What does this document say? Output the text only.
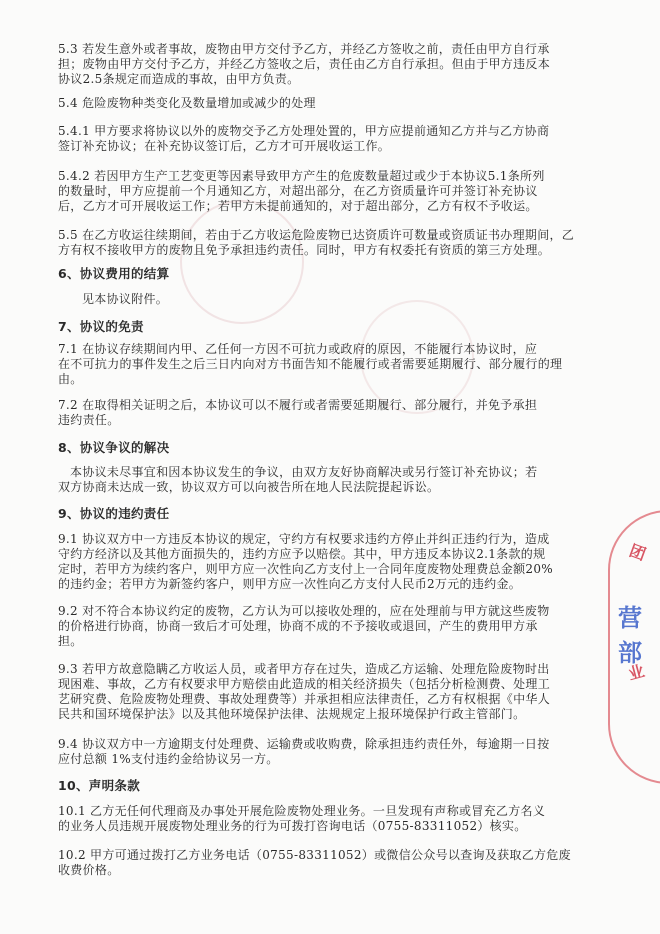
5.3 若发生意外或者事故，废物由甲方交付予乙方，并经乙方签收之前，责任由甲方自行承
担；废物由甲方交付予乙方，并经乙方签收之后，责任由乙方自行承担。但由于甲方违反本
协议2.5条规定而造成的事故，由甲方负责。

5.4 危险废物种类变化及数量增加或减少的处理

5.4.1 甲方要求将协议以外的废物交予乙方处理处置的，甲方应提前通知乙方并与乙方协商
签订补充协议；在补充协议签订后，乙方才可开展收运工作。

5.4.2 若因甲方生产工艺变更等因素导致甲方产生的危废数量超过或少于本协议5.1条所列
的数量时，甲方应提前一个月通知乙方，对超出部分，在乙方资质量许可并签订补充协议
后，乙方才可开展收运工作；若甲方未提前通知的，对于超出部分，乙方有权不予收运。

5.5 在乙方收运往续期间，若由于乙方收运危险废物已达资质许可数量或资质证书办理期间，乙
方有权不接收甲方的废物且免予承担违约责任。同时，甲方有权委托有资质的第三方处理。

6、协议费用的结算

见本协议附件。

7、协议的免责

7.1 在协议存续期间内甲、乙任何一方因不可抗力或政府的原因，不能履行本协议时，应
在不可抗力的事件发生之后三日内向对方书面告知不能履行或者需要延期履行、部分履行的理
由。

7.2 在取得相关证明之后，本协议可以不履行或者需要延期履行、部分履行，并免予承担
违约责任。

8、协议争议的解决

本协议未尽事宜和因本协议发生的争议，由双方友好协商解决或另行签订补充协议；若
双方协商未达成一致，协议双方可以向被告所在地人民法院提起诉讼。

9、协议的违约责任

9.1 协议双方中一方违反本协议的规定，守约方有权要求违约方停止并纠正违约行为，造成
守约方经济以及其他方面损失的，违约方应予以赔偿。其中，甲方违反本协议2.1条款的规
定时，若甲方为续约客户，则甲方应一次性向乙方支付上一合同年度废物处理费总金额20%
的违约金；若甲方为新签约客户，则甲方应一次性向乙方支付人民币2万元的违约金。

9.2 对不符合本协议约定的废物，乙方认为可以接收处理的，应在处理前与甲方就这些废物
的价格进行协商，协商一致后才可处理，协商不成的不予接收或退回，产生的费用甲方承
担。

9.3 若甲方故意隐瞒乙方收运人员，或者甲方存在过失，造成乙方运输、处理危险废物时出
现困难、事故，乙方有权要求甲方赔偿由此造成的相关经济损失（包括分析检测费、处理工
艺研究费、危险废物处理费、事故处理费等）并承担相应法律责任，乙方有权根据《中华人
民共和国环境保护法》以及其他环境保护法律、法规规定上报环境保护行政主管部门。

9.4 协议双方中一方逾期支付处理费、运输费或收购费，除承担违约责任外，每逾期一日按
应付总额 1%支付违约金给协议另一方。

10、声明条款

10.1 乙方无任何代理商及办事处开展危险废物处理业务。一旦发现有声称或冒充乙方名义
的业务人员违规开展废物处理业务的行为可拨打咨询电话（0755-83311052）核实。

10.2 甲方可通过拨打乙方业务电话（0755-83311052）或微信公众号以查询及获取乙方危废
收费价格。

团
营部
业
